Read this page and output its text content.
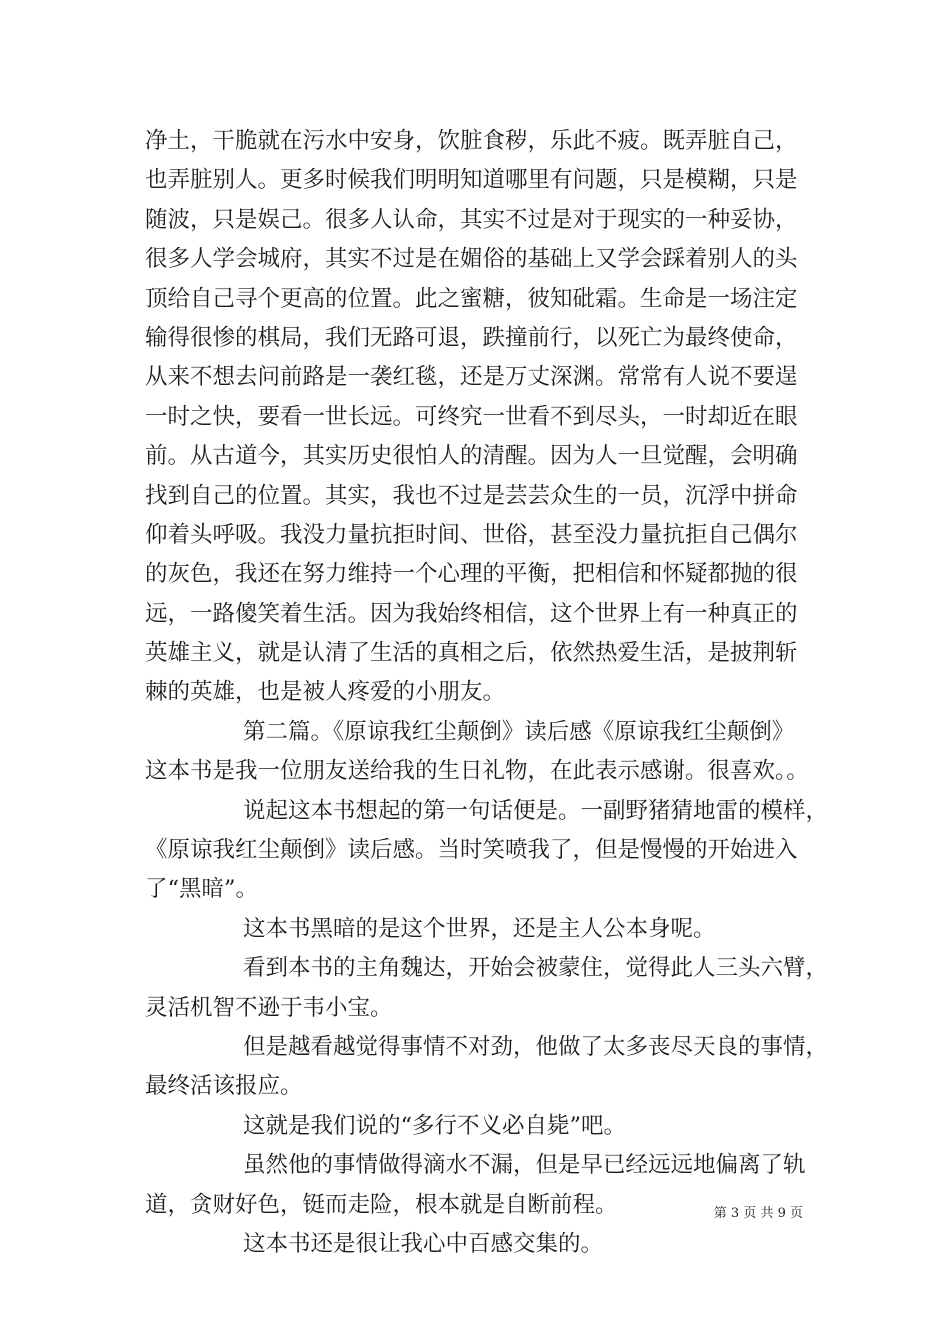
净土，干脆就在污水中安身，饮脏食秽，乐此不疲。既弄脏自己，
也弄脏别人。更多时候我们明明知道哪里有问题，只是模糊，只是
随波，只是娱己。很多人认命，其实不过是对于现实的一种妥协，
很多人学会城府，其实不过是在媚俗的基础上又学会踩着别人的头
顶给自己寻个更高的位置。此之蜜糖，彼知砒霜。生命是一场注定
输得很惨的棋局，我们无路可退，跌撞前行，以死亡为最终使命，
从来不想去问前路是一袭红毯，还是万丈深渊。常常有人说不要逞
一时之快，要看一世长远。可终究一世看不到尽头，一时却近在眼
前。从古道今，其实历史很怕人的清醒。因为人一旦觉醒，会明确
找到自己的位置。其实，我也不过是芸芸众生的一员，沉浮中拼命
仰着头呼吸。我没力量抗拒时间、世俗，甚至没力量抗拒自己偶尔
的灰色，我还在努力维持一个心理的平衡，把相信和怀疑都抛的很
远，一路傻笑着生活。因为我始终相信，这个世界上有一种真正的
英雄主义，就是认清了生活的真相之后，依然热爱生活，是披荆斩
棘的英雄，也是被人疼爱的小朋友。
第二篇。《原谅我红尘颠倒》读后感《原谅我红尘颠倒》
这本书是我一位朋友送给我的生日礼物，在此表示感谢。很喜欢。。
说起这本书想起的第一句话便是。一副野猪猜地雷的模样，
《原谅我红尘颠倒》读后感。当时笑喷我了，但是慢慢的开始进入
了“黑暗”。
这本书黑暗的是这个世界，还是主人公本身呢。
看到本书的主角魏达，开始会被蒙住，觉得此人三头六臂，
灵活机智不逊于韦小宝。
但是越看越觉得事情不对劲，他做了太多丧尽天良的事情，
最终活该报应。
这就是我们说的“多行不义必自毙”吧。
虽然他的事情做得滴水不漏，但是早已经远远地偏离了轨
道，贪财好色，铤而走险，根本就是自断前程。
这本书还是很让我心中百感交集的。
第 3 页 共 9 页
